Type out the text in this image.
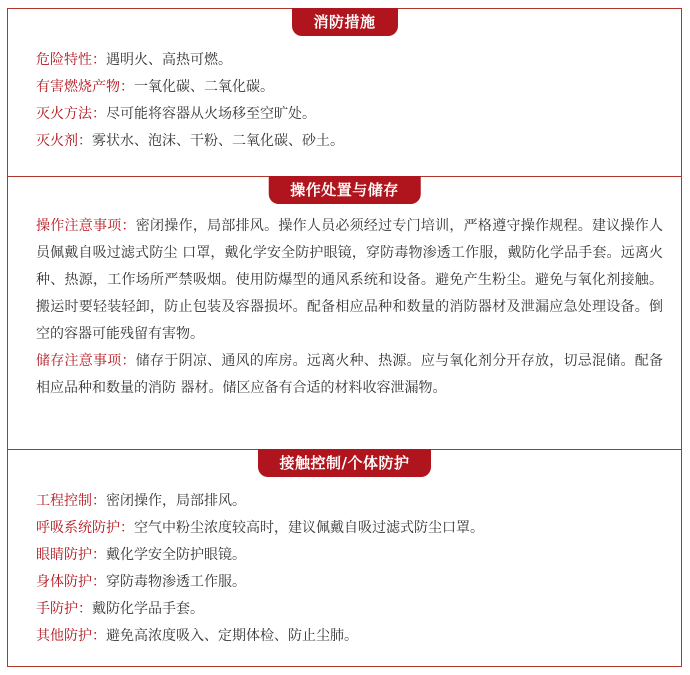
消防措施
危险特性：遇明火、高热可燃。
有害燃烧产物：一氧化碳、二氧化碳。
灭火方法：尽可能将容器从火场移至空旷处。
灭火剂：雾状水、泡沫、干粉、二氧化碳、砂土。
操作处置与储存
操作注意事项：密闭操作，局部排风。操作人员必须经过专门培训，严格遵守操作规程。建议操作人员佩戴自吸过滤式防尘 口罩，戴化学安全防护眼镜，穿防毒物渗透工作服，戴防化学品手套。远离火种、热源，工作场所严禁吸烟。使用防爆型的通风系统和设备。避免产生粉尘。避免与氧化剂接触。搬运时要轻装轻卸，防止包装及容器损坏。配备相应品种和数量的消防器材及泄漏应急处理设备。倒空的容器可能残留有害物。
储存注意事项：储存于阴凉、通风的库房。远离火种、热源。应与氧化剂分开存放，切忌混储。配备相应品种和数量的消防 器材。储区应备有合适的材料收容泄漏物。
接触控制/个体防护
工程控制：密闭操作，局部排风。
呼吸系统防护：空气中粉尘浓度较高时，建议佩戴自吸过滤式防尘口罩。
眼睛防护：戴化学安全防护眼镜。
身体防护：穿防毒物渗透工作服。
手防护：戴防化学品手套。
其他防护：避免高浓度吸入、定期体检、防止尘肺。
